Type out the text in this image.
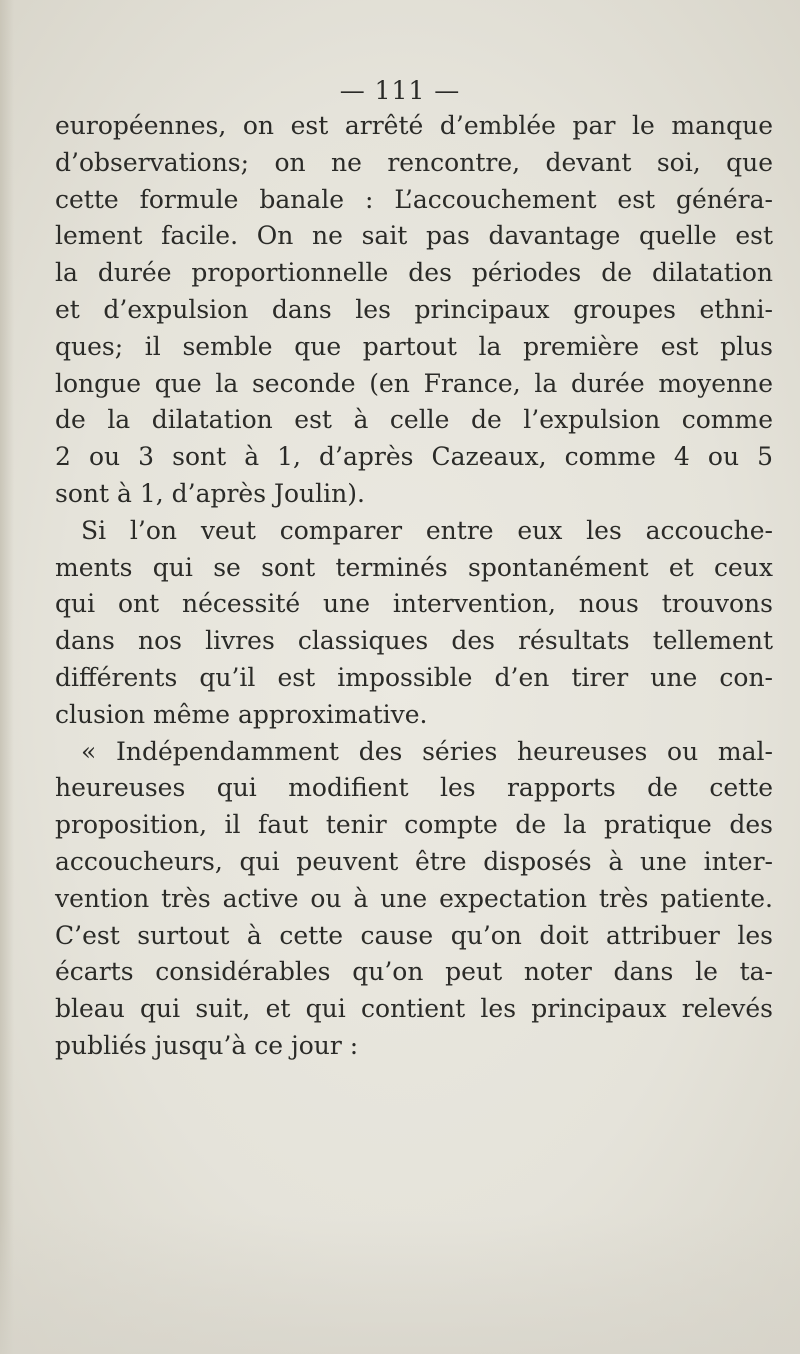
— 111 —
européennes, on est arrêté d’emblée par le manque
d’observations; on ne rencontre, devant soi, que
cette formule banale : L’accouchement est généra-
lement facile. On ne sait pas davantage quelle est
la durée proportionnelle des périodes de dilatation
et d’expulsion dans les principaux groupes ethni-
ques; il semble que partout la première est plus
longue que la seconde (en France, la durée moyenne
de la dilatation est à celle de l’expulsion comme
2 ou 3 sont à 1, d’après Cazeaux, comme 4 ou 5
sont à 1, d’après Joulin).
Si l’on veut comparer entre eux les accouche-
ments qui se sont terminés spontanément et ceux
qui ont nécessité une intervention, nous trouvons
dans nos livres classiques des résultats tellement
différents qu’il est impossible d’en tirer une con-
clusion même approximative.
« Indépendamment des séries heureuses ou mal-
heureuses qui modifient les rapports de cette
proposition, il faut tenir compte de la pratique des
accoucheurs, qui peuvent être disposés à une inter-
vention très active ou à une expectation très patiente.
C’est surtout à cette cause qu’on doit attribuer les
écarts considérables qu’on peut noter dans le ta-
bleau qui suit, et qui contient les principaux relevés
publiés jusqu’à ce jour :
